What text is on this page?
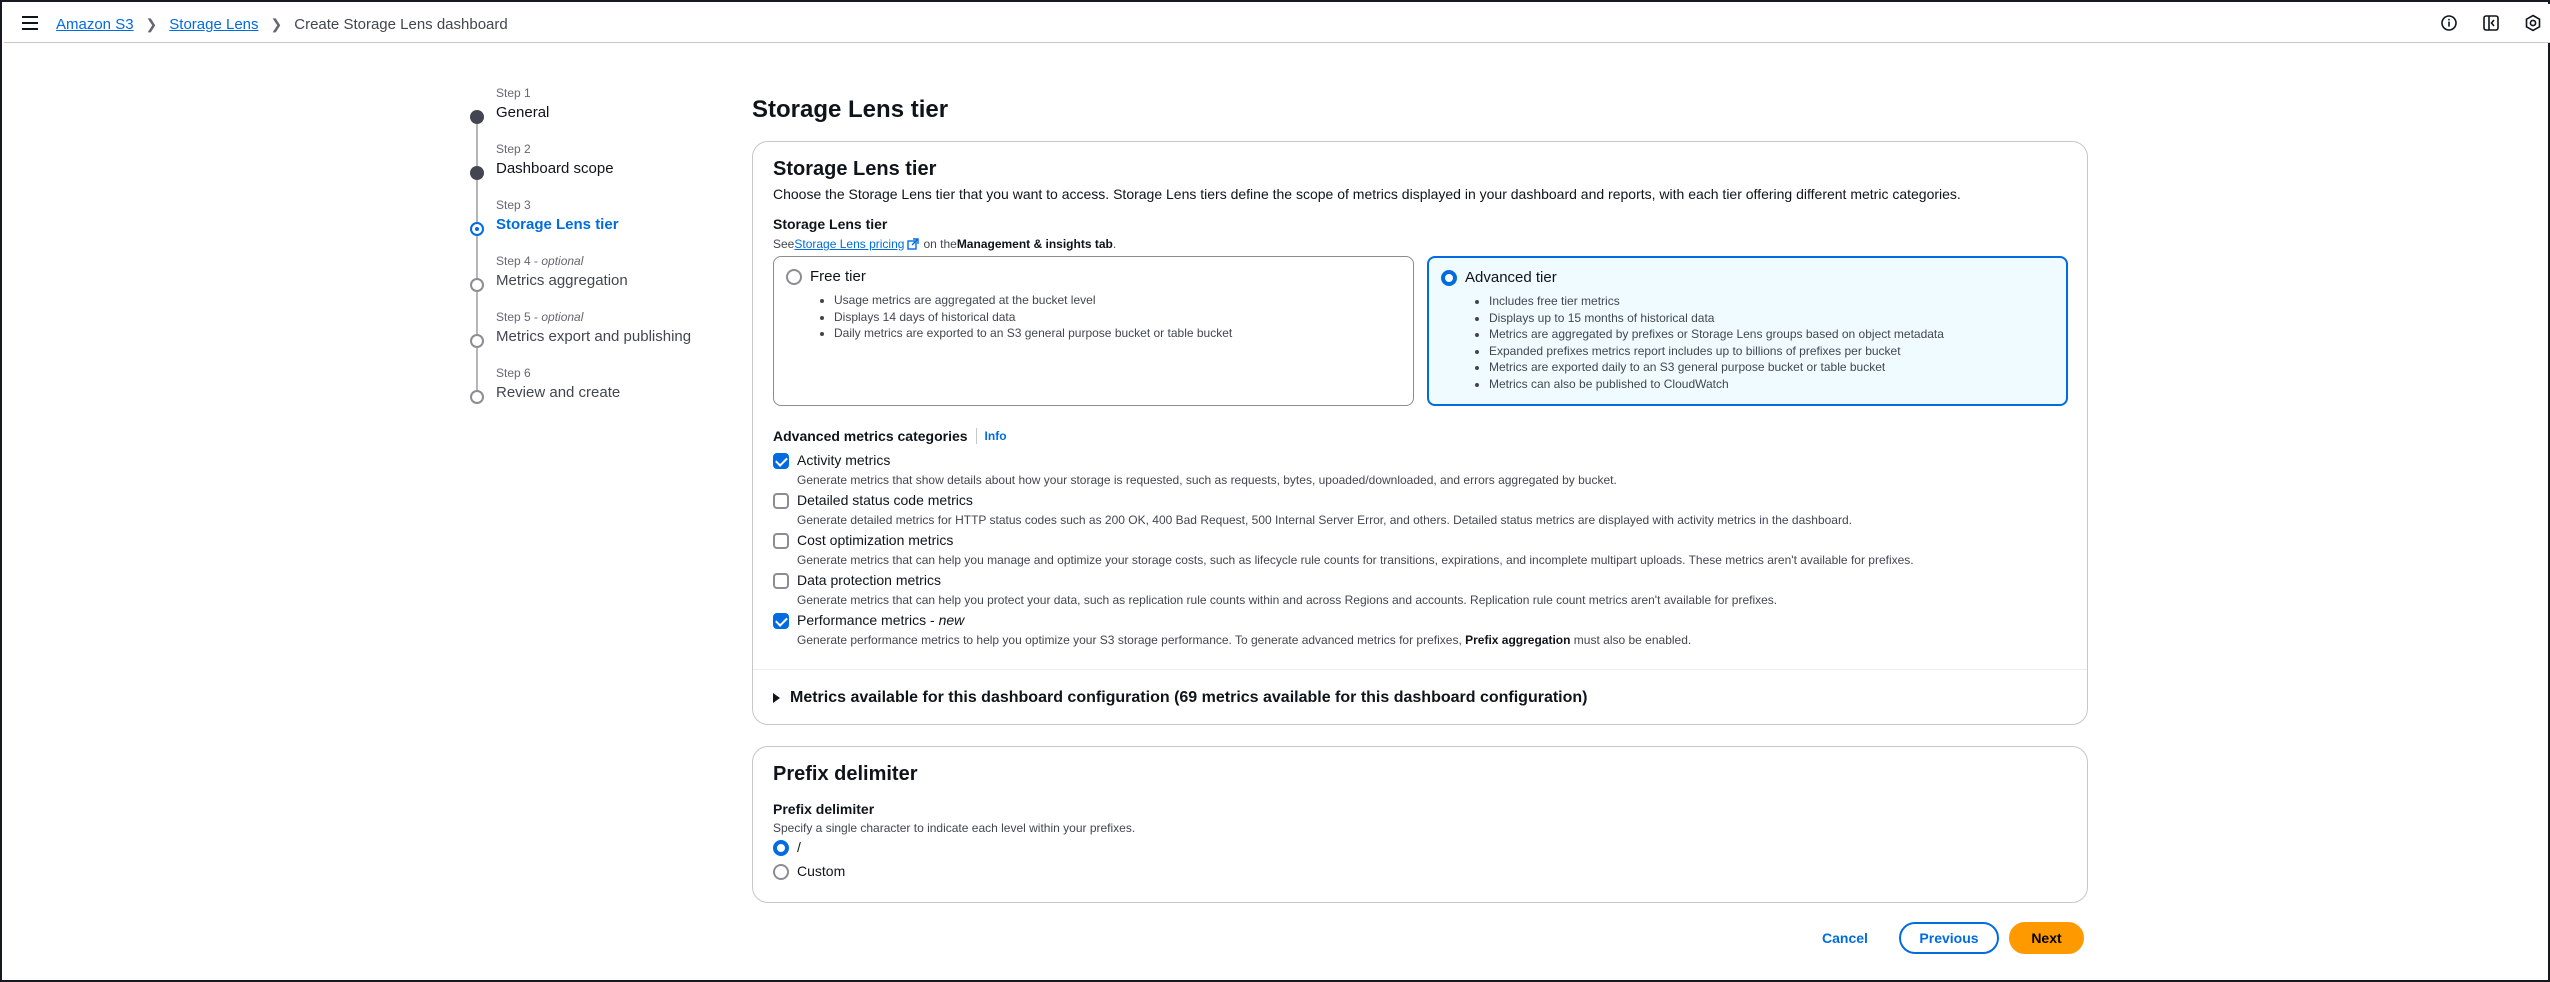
Amazon S3 ❯ Storage Lens ❯ Create Storage Lens dashboard
Step 1
General
Step 2
Dashboard scope
Step 3
Storage Lens tier
Step 4 - optional
Metrics aggregation
Step 5 - optional
Metrics export and publishing
Step 6
Review and create
Storage Lens tier
Storage Lens tier
Choose the Storage Lens tier that you want to access. Storage Lens tiers define the scope of metrics displayed in your dashboard and reports, with each tier offering different metric categories.
Storage Lens tier
See Storage Lens pricing on the Management & insights tab .
Free tier
• Usage metrics are aggregated at the bucket level
• Displays 14 days of historical data
• Daily metrics are exported to an S3 general purpose bucket or table bucket
Advanced tier
• Includes free tier metrics
• Displays up to 15 months of historical data
• Metrics are aggregated by prefixes or Storage Lens groups based on object metadata
• Expanded prefixes metrics report includes up to billions of prefixes per bucket
• Metrics are exported daily to an S3 general purpose bucket or table bucket
• Metrics can also be published to CloudWatch
Advanced metrics categories Info
Activity metrics
Generate metrics that show details about how your storage is requested, such as requests, bytes, upoaded/downloaded, and errors aggregated by bucket.
Detailed status code metrics
Generate detailed metrics for HTTP status codes such as 200 OK, 400 Bad Request, 500 Internal Server Error, and others. Detailed status metrics are displayed with activity metrics in the dashboard.
Cost optimization metrics
Generate metrics that can help you manage and optimize your storage costs, such as lifecycle rule counts for transitions, expirations, and incomplete multipart uploads. These metrics aren't available for prefixes.
Data protection metrics
Generate metrics that can help you protect your data, such as replication rule counts within and across Regions and accounts. Replication rule count metrics aren't available for prefixes.
Performance metrics - new
Generate performance metrics to help you optimize your S3 storage performance. To generate advanced metrics for prefixes, Prefix aggregation must also be enabled.
Metrics available for this dashboard configuration (69 metrics available for this dashboard configuration)
Prefix delimiter
Prefix delimiter
Specify a single character to indicate each level within your prefixes.
/
Custom
Cancel	Previous	Next
